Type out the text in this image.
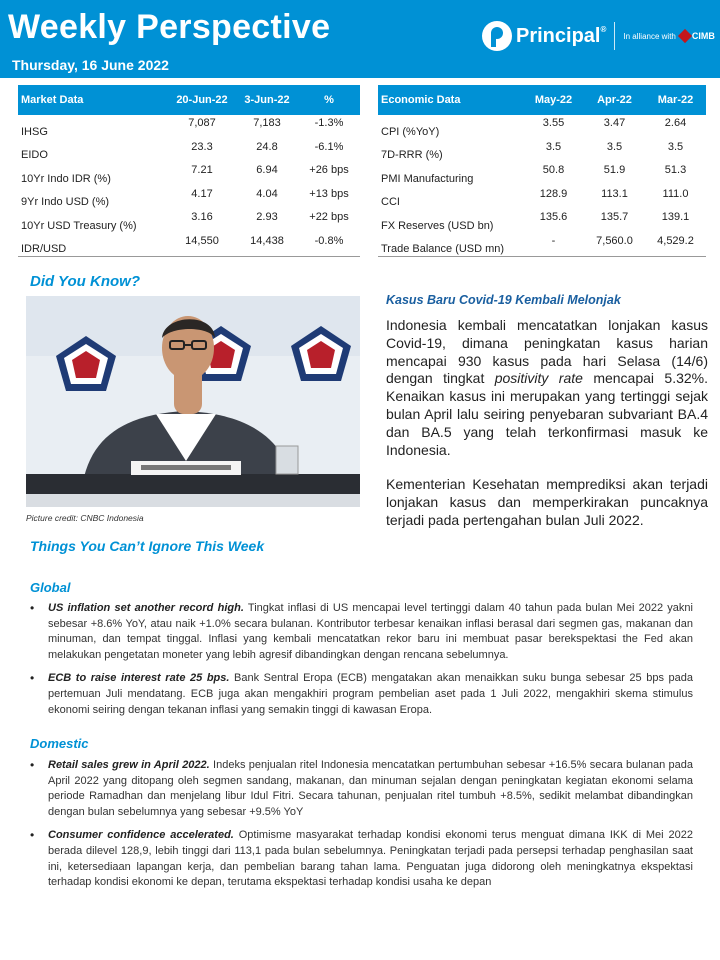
Weekly Perspective
Thursday, 16 June 2022
Principal®
In alliance with CIMB
Market Data	20-Jun-22	3-Jun-22	%
IHSG	7,087	7,183	-1.3%
EIDO	23.3	24.8	-6.1%
10Yr Indo IDR (%)	7.21	6.94	+26 bps
9Yr Indo USD (%)	4.17	4.04	+13 bps
10Yr USD Treasury (%)	3.16	2.93	+22 bps
IDR/USD	14,550	14,438	-0.8%
Economic Data	May-22	Apr-22	Mar-22
CPI (%YoY)	3.55	3.47	2.64
7D-RRR (%)	3.5	3.5	3.5
PMI Manufacturing	50.8	51.9	51.3
CCI	128.9	113.1	111.0
FX Reserves (USD bn)	135.6	135.7	139.1
Trade Balance (USD mn)	-	7,560.0	4,529.2
Did You Know?
Picture credit: CNBC Indonesia
Kasus Baru Covid-19 Kembali Melonjak

Indonesia kembali mencatatkan lonjakan kasus Covid-19, dimana peningkatan kasus harian mencapai 930 kasus pada hari Selasa (14/6) dengan tingkat positivity rate mencapai 5.32%. Kenaikan kasus ini merupakan yang tertinggi sejak bulan April lalu seiring penyebaran subvariant BA.4 dan BA.5 yang telah terkonfirmasi masuk ke Indonesia.

Kementerian Kesehatan memprediksi akan terjadi lonjakan kasus dan memperkirakan puncaknya terjadi pada pertengahan bulan Juli 2022.

Things You Can’t Ignore This Week
Global
• US inflation set another record high. Tingkat inflasi di US mencapai level tertinggi dalam 40 tahun pada bulan Mei 2022 yakni sebesar +8.6% YoY, atau naik +1.0% secara bulanan. Kontributor terbesar kenaikan inflasi berasal dari segmen gas, makanan dan minuman, dan tempat tinggal. Inflasi yang kembali mencatatkan rekor baru ini membuat pasar berekspektasi the Fed akan melakukan pengetatan moneter yang lebih agresif dibandingkan dengan rencana sebelumnya.
• ECB to raise interest rate 25 bps. Bank Sentral Eropa (ECB) mengatakan akan menaikkan suku bunga sebesar 25 bps pada pertemuan Juli mendatang. ECB juga akan mengakhiri program pembelian aset pada 1 Juli 2022, mengakhiri skema stimulus ekonomi seiring dengan tekanan inflasi yang semakin tinggi di kawasan Eropa.
Domestic
• Retail sales grew in April 2022. Indeks penjualan ritel Indonesia mencatatkan pertumbuhan sebesar +16.5% secara bulanan pada April 2022 yang ditopang oleh segmen sandang, makanan, dan minuman sejalan dengan peningkatan kegiatan ekonomi selama periode Ramadhan dan menjelang libur Idul Fitri. Secara tahunan, penjualan ritel tumbuh +8.5%, sedikit melambat dibandingkan dengan bulan sebelumnya yang sebesar +9.5% YoY
• Consumer confidence accelerated. Optimisme masyarakat terhadap kondisi ekonomi terus menguat dimana IKK di Mei 2022 berada dilevel 128,9, lebih tinggi dari 113,1 pada bulan sebelumnya. Peningkatan terjadi pada persepsi terhadap penghasilan saat ini, ketersediaan lapangan kerja, dan pembelian barang tahan lama. Penguatan juga didorong oleh meningkatnya ekspektasi terhadap kondisi ekonomi ke depan, terutama ekspektasi terhadap kondisi usaha ke depan
